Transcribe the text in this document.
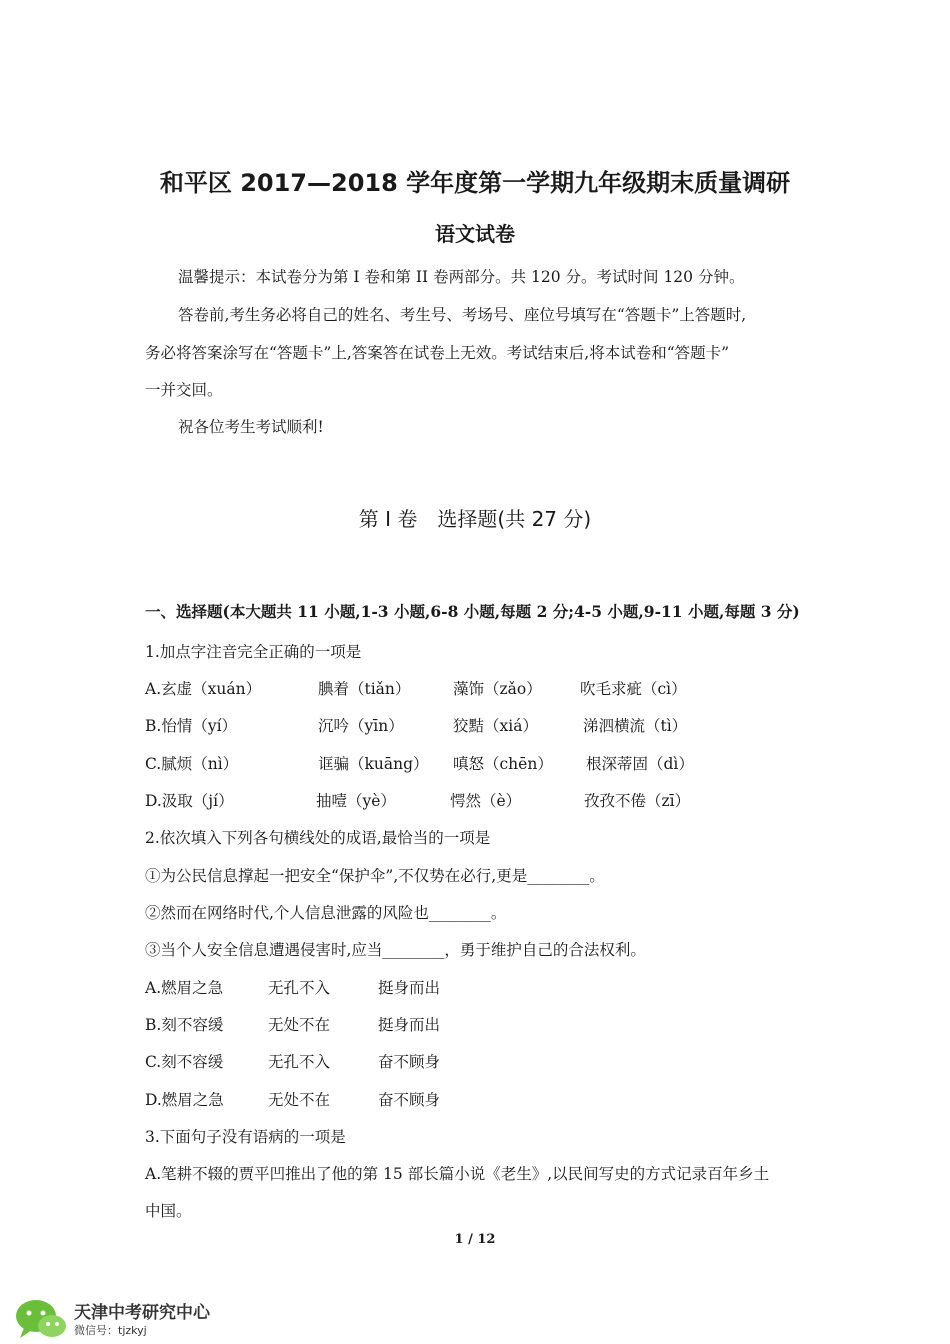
和平区 2017—2018 学年度第一学期九年级期末质量调研
语文试卷
温馨提示：本试卷分为第 I 卷和第 II 卷两部分。共 120 分。考试时间 120 分钟。
答卷前,考生务必将自己的姓名、考生号、考场号、座位号填写在“答题卡”上答题时,
务必将答案涂写在“答题卡”上,答案答在试卷上无效。考试结束后,将本试卷和“答题卡”
一并交回。
祝各位考生考试顺利!
第 I 卷　选择题(共 27 分)
一、选择题(本大题共 11 小题,1-3 小题,6-8 小题,每题 2 分;4-5 小题,9-11 小题,每题 3 分)
1.加点字注音完全正确的一项是
A.玄虚（xuán）	腆着（tiǎn）	藻饰（zǎo） 吹毛求疵（cì）
B.怡情（yí）	沉吟（yīn）	狡黠（xiá）	涕泗横流（tì）
C.腻烦（nì）	诓骗（kuāng） 嗔怒（chēn） 根深蒂固（dì）
D.汲取（jí）	抽噎（yè）	愕然（è）	孜孜不倦（zī）
2.依次填入下列各句横线处的成语,最恰当的一项是
①为公民信息撑起一把安全“保护伞”,不仅势在必行,更是________。
②然而在网络时代,个人信息泄露的风险也________。
③当个人安全信息遭遇侵害时,应当________，勇于维护自己的合法权利。
A.燃眉之急	无孔不入	挺身而出
B.刻不容缓	无处不在	挺身而出
C.刻不容缓	无孔不入	奋不顾身
D.燃眉之急	无处不在	奋不顾身
3.下面句子没有语病的一项是
A.笔耕不辍的贾平凹推出了他的第 15 部长篇小说《老生》,以民间写史的方式记录百年乡土
中国。
1 / 12
天津中考研究中心
微信号：tjzkyj
